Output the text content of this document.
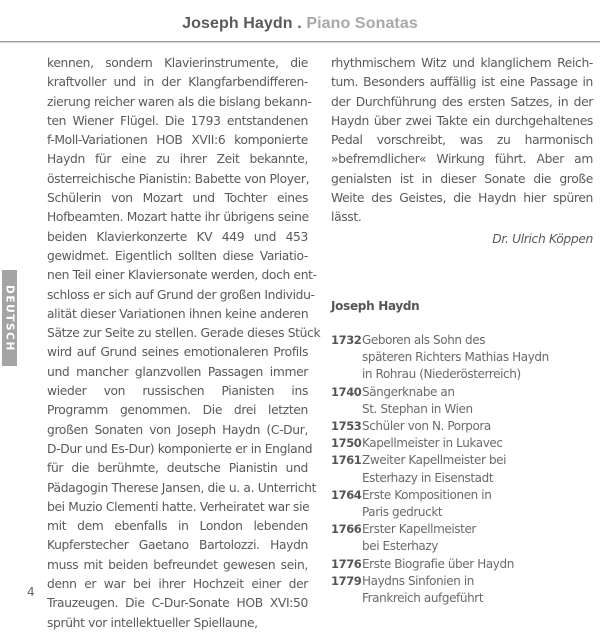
Joseph Haydn . Piano Sonatas
DEUTSCH

kennen, sondern Klavierinstrumente, die
kraftvoller und in der Klangfarbendifferen-
zierung reicher waren als die bislang bekann-
ten Wiener Flügel. Die 1793 entstandenen
f-Moll-Variationen HOB XVII:6 komponierte
Haydn für eine zu ihrer Zeit bekannte,
österreichische Pianistin: Babette von Ployer,
Schülerin von Mozart und Tochter eines
Hofbeamten. Mozart hatte ihr übrigens seine
beiden Klavierkonzerte KV 449 und 453
gewidmet. Eigentlich sollten diese Variatio-
nen Teil einer Klaviersonate werden, doch ent-
schloss er sich auf Grund der großen Individu-
alität dieser Variationen ihnen keine anderen
Sätze zur Seite zu stellen. Gerade dieses Stück
wird auf Grund seines emotionaleren Profils
und mancher glanzvollen Passagen immer
wieder von russischen Pianisten ins
Programm genommen. Die drei letzten
großen Sonaten von Joseph Haydn (C-Dur,
D-Dur und Es-Dur) komponierte er in England
für die berühmte, deutsche Pianistin und
Pädagogin Therese Jansen, die u. a. Unterricht
bei Muzio Clementi hatte. Verheiratet war sie
mit dem ebenfalls in London lebenden
Kupferstecher Gaetano Bartolozzi. Haydn
muss mit beiden befreundet gewesen sein,
denn er war bei ihrer Hochzeit einer der
Trauzeugen. Die C-Dur-Sonate HOB XVI:50
sprüht vor intellektueller Spiellaune,

rhythmischem Witz und klanglichem Reich-
tum. Besonders auffällig ist eine Passage in
der Durchführung des ersten Satzes, in der
Haydn über zwei Takte ein durchgehaltenes
Pedal vorschreibt, was zu harmonisch
»befremdlicher« Wirkung führt. Aber am
genialsten ist in dieser Sonate die große
Weite des Geistes, die Haydn hier spüren
lässt.

Dr. Ulrich Köppen
Joseph Haydn
1732 Geboren als Sohn des
späteren Richters Mathias Haydn
in Rohrau (Niederösterreich)
1740 Sängerknabe an
St. Stephan in Wien
1753 Schüler von N. Porpora
1750 Kapellmeister in Lukavec
1761 Zweiter Kapellmeister bei
Esterhazy in Eisenstadt
1764 Erste Kompositionen in
Paris gedruckt
1766 Erster Kapellmeister
bei Esterhazy
1776 Erste Biografie über Haydn
1779 Haydns Sinfonien in
Frankreich aufgeführt
4
